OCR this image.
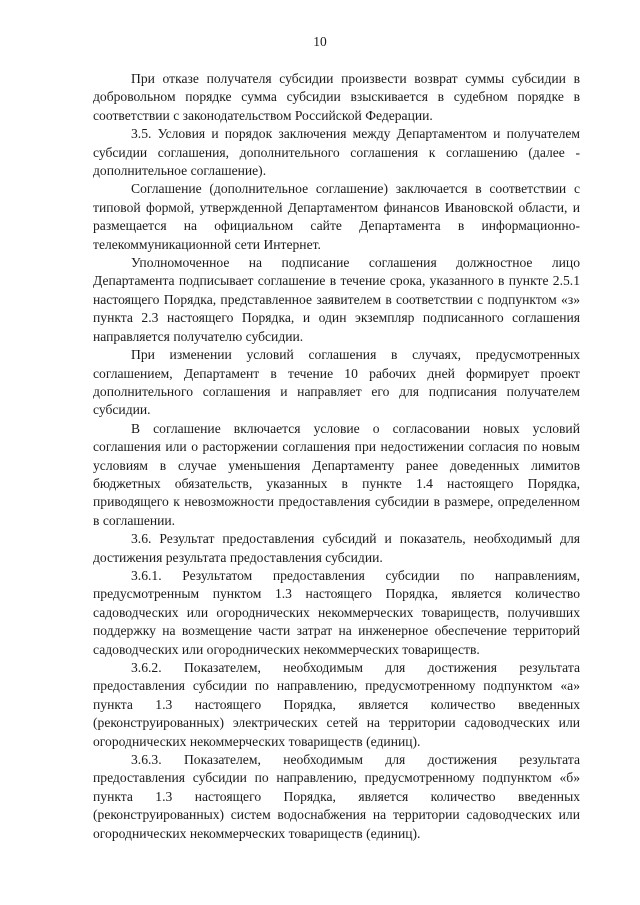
10

При отказе получателя субсидии произвести возврат суммы субсидии в добровольном порядке сумма субсидии взыскивается в судебном порядке в соответствии с законодательством Российской Федерации.

3.5. Условия и порядок заключения между Департаментом и получателем субсидии соглашения, дополнительного соглашения к соглашению (далее - дополнительное соглашение).

Соглашение (дополнительное соглашение) заключается в соответствии с типовой формой, утвержденной Департаментом финансов Ивановской области, и размещается на официальном сайте Департамента в информационно-телекоммуникационной сети Интернет.

Уполномоченное на подписание соглашения должностное лицо Департамента подписывает соглашение в течение срока, указанного в пункте 2.5.1 настоящего Порядка, представленное заявителем в соответствии с подпунктом «з» пункта 2.3 настоящего Порядка, и один экземпляр подписанного соглашения направляется получателю субсидии.

При изменении условий соглашения в случаях, предусмотренных соглашением, Департамент в течение 10 рабочих дней формирует проект дополнительного соглашения и направляет его для подписания получателем субсидии.

В соглашение включается условие о согласовании новых условий соглашения или о расторжении соглашения при недостижении согласия по новым условиям в случае уменьшения Департаменту ранее доведенных лимитов бюджетных обязательств, указанных в пункте 1.4 настоящего Порядка, приводящего к невозможности предоставления субсидии в размере, определенном в соглашении.

3.6. Результат предоставления субсидий и показатель, необходимый для достижения результата предоставления субсидии.

3.6.1. Результатом предоставления субсидии по направлениям, предусмотренным пунктом 1.3 настоящего Порядка, является количество садоводческих или огороднических некоммерческих товариществ, получивших поддержку на возмещение части затрат на инженерное обеспечение территорий садоводческих или огороднических некоммерческих товариществ.

3.6.2. Показателем, необходимым для достижения результата предоставления субсидии по направлению, предусмотренному подпунктом «а» пункта 1.3 настоящего Порядка, является количество введенных (реконструированных) электрических сетей на территории садоводческих или огороднических некоммерческих товариществ (единиц).

3.6.3. Показателем, необходимым для достижения результата предоставления субсидии по направлению, предусмотренному подпунктом «б» пункта 1.3 настоящего Порядка, является количество введенных (реконструированных) систем водоснабжения на территории садоводческих или огороднических некоммерческих товариществ (единиц).
